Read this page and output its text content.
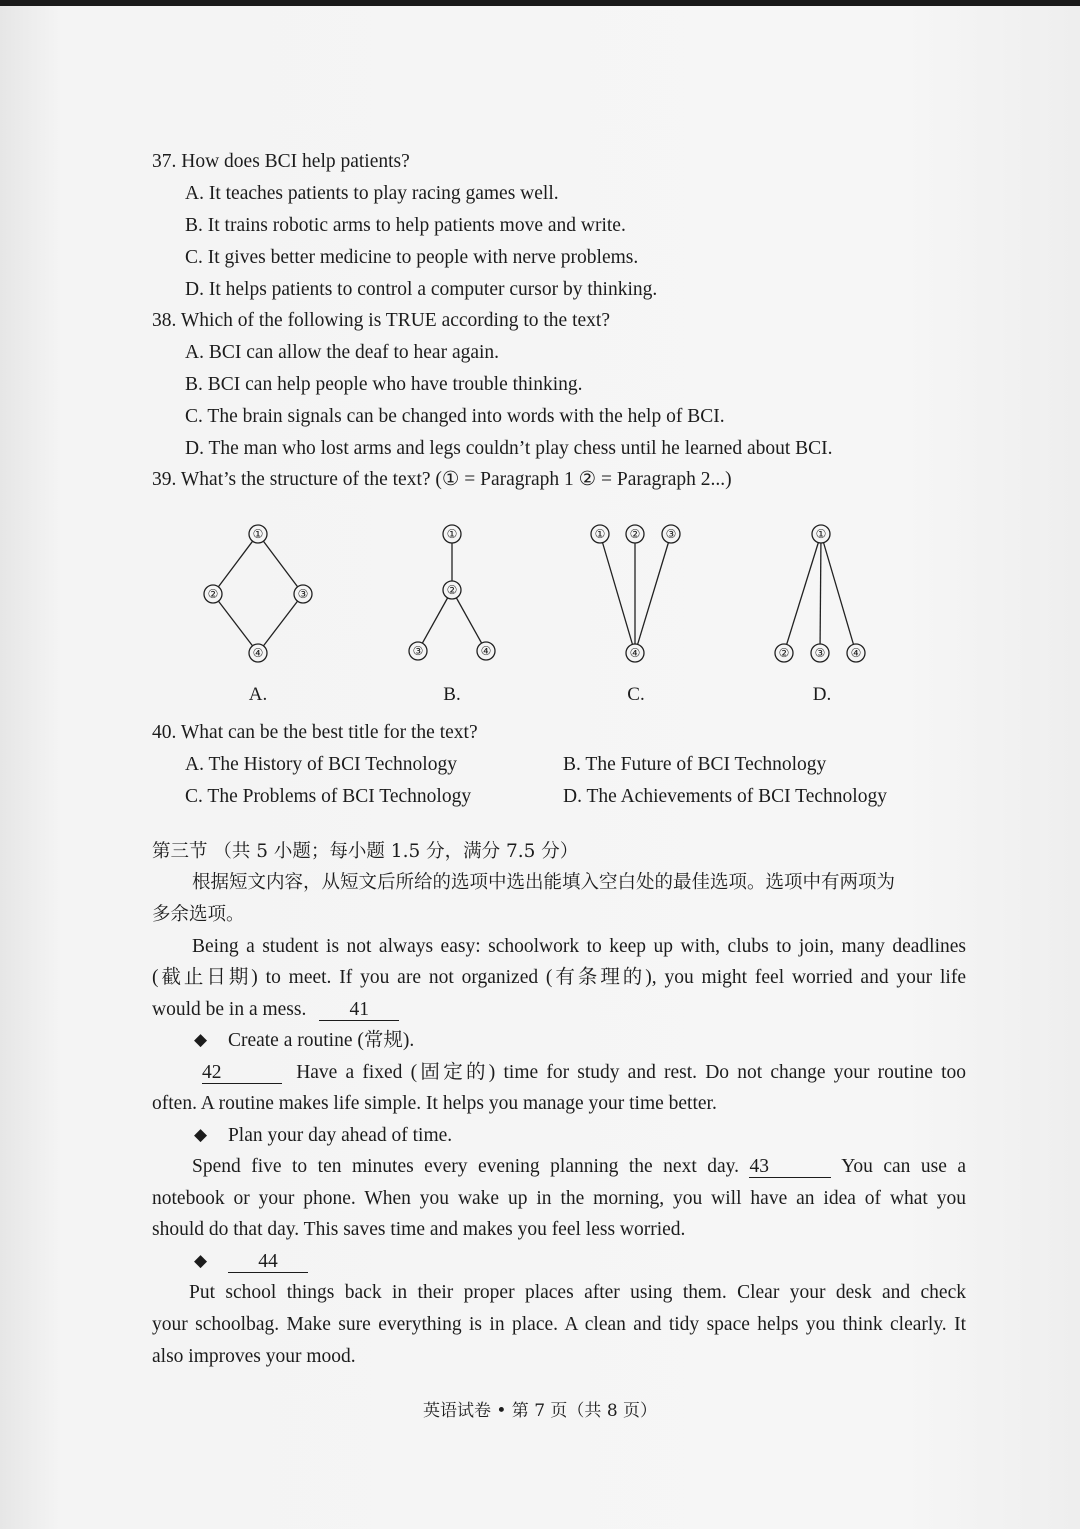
37. How does BCI help patients?
A. It teaches patients to play racing games well.
B. It trains robotic arms to help patients move and write.
C. It gives better medicine to people with nerve problems.
D. It helps patients to control a computer cursor by thinking.
38. Which of the following is TRUE according to the text?
A. BCI can allow the deaf to hear again.
B. BCI can help people who have trouble thinking.
C. The brain signals can be changed into words with the help of BCI.
D. The man who lost arms and legs couldn’t play chess until he learned about BCI.
39. What’s the structure of the text? (① = Paragraph 1 ② = Paragraph 2...)
①
②	③
④
A.
①
②
③	④
B.
① ② ③
④
C.
①
② ③ ④
D.
40. What can be the best title for the text?
A. The History of BCI Technology	B. The Future of BCI Technology
C. The Problems of BCI Technology	D. The Achievements of BCI Technology
第三节 （共 5 小题；每小题 1.5 分，满分 7.5 分）
根据短文内容，从短文后所给的选项中选出能填入空白处的最佳选项。选项中有两项为
多余选项。
Being a student is not always easy: schoolwork to keep up with, clubs to join, many deadlines
(截止日期) to meet. If you are not organized (有条理的), you might feel worried and your life
would be in a mess. 41
◆ Create a routine (常规).
42	Have a fixed (固定的) time for study and rest. Do not change your routine too
often. A routine makes life simple. It helps you manage your time better.
◆ Plan your day ahead of time.
Spend five to ten minutes every evening planning the next day. 43	You can use a
notebook or your phone. When you wake up in the morning, you will have an idea of what you
should do that day. This saves time and makes you feel less worried.
◆	44
Put school things back in their proper places after using them. Clear your desk and check
your schoolbag. Make sure everything is in place. A clean and tidy space helps you think clearly. It
also improves your mood.
英语试卷 • 第 7 页（共 8 页）
